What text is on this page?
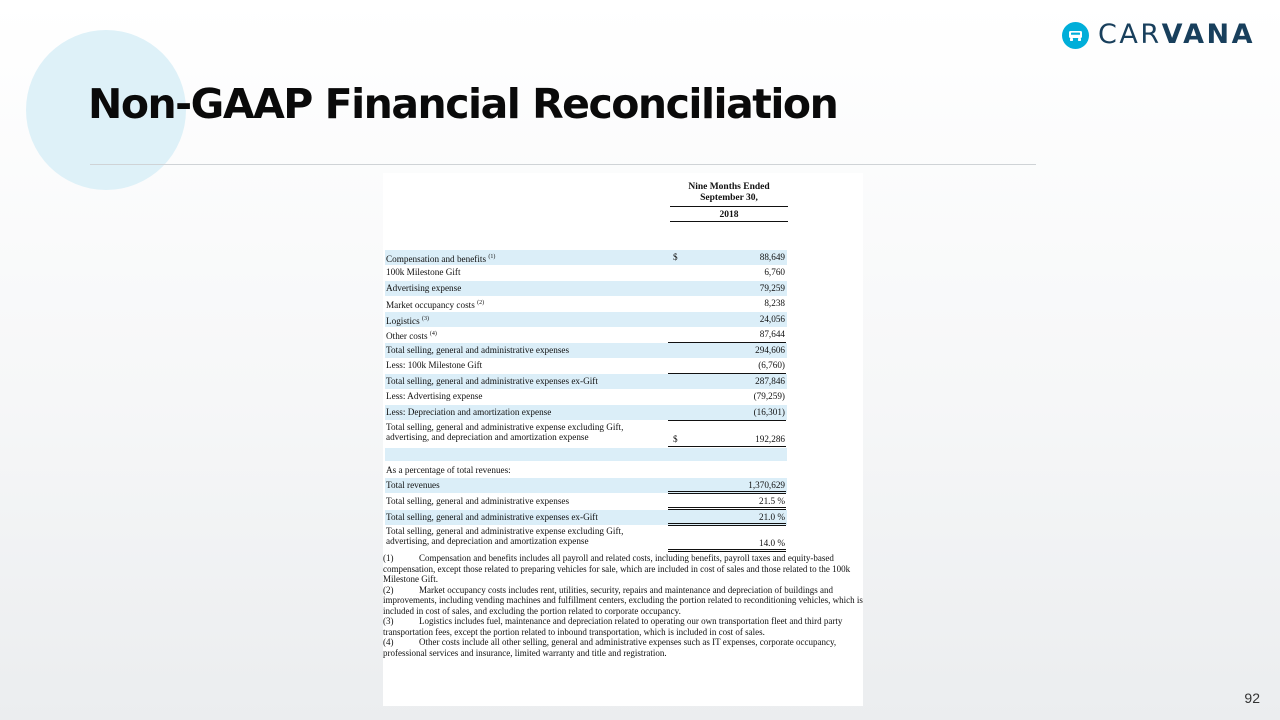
Non-GAAP Financial Reconciliation
CARVANA
Nine Months Ended
September 30,
2018
Compensation and benefits $^{(1)}$	$	88,649
100k Milestone Gift	6,760
Advertising expense	79,259
Market occupancy costs $^{(2)}$	8,238
Logistics $^{(3)}$	24,056
Other costs $^{(4)}$	87,644
Total selling, general and administrative expenses	294,606
Less: 100k Milestone Gift	(6,760)
Total selling, general and administrative expenses ex-Gift	287,846
Less: Advertising expense	(79,259)
Less: Depreciation and amortization expense	(16,301)
Total selling, general and administrative expense excluding Gift, advertising, and depreciation and amortization expense	$	192,286
As a percentage of total revenues:
Total revenues	1,370,629
Total selling, general and administrative expenses	21.5 %
Total selling, general and administrative expenses ex-Gift	21.0 %
Total selling, general and administrative expense excluding Gift, advertising, and depreciation and amortization expense	14.0 %

(1)	Compensation and benefits includes all payroll and related costs, including benefits, payroll taxes and equity-based compensation, except those related to preparing vehicles for sale, which are included in cost of sales and those related to the 100k Milestone Gift.

(2)	Market occupancy costs includes rent, utilities, security, repairs and maintenance and depreciation of buildings and improvements, including vending machines and fulfillment centers, excluding the portion related to reconditioning vehicles, which is included in cost of sales, and excluding the portion related to corporate occupancy.

(3)	Logistics includes fuel, maintenance and depreciation related to operating our own transportation fleet and third party transportation fees, except the portion related to inbound transportation, which is included in cost of sales.

(4)	Other costs include all other selling, general and administrative expenses such as IT expenses, corporate occupancy, professional services and insurance, limited warranty and title and registration.

92
